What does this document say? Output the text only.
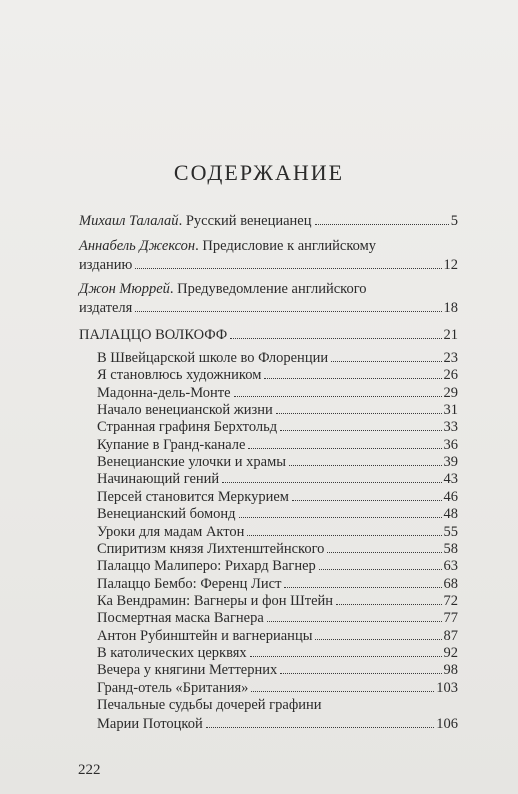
СОДЕРЖАНИЕ
Михаил Талалай . Русский венецианец	5
Аннабель Джексон . Предисловие к английскому
изданию	12
Джон Мюррей . Предуведомление английского
издателя	18
ПАЛАЦЦО ВОЛКОФФ	21
В Швейцарской школе во Флоренции	23
Я становлюсь художником	26
Мадонна-дель-Монте	29
Начало венецианской жизни	31
Странная графиня Берхтольд	33
Купание в Гранд-канале	36
Венецианские улочки и храмы	39
Начинающий гений	43
Персей становится Меркурием	46
Венецианский бомонд	48
Уроки для мадам Актон	55
Спиритизм князя Лихтенштейнского	58
Палаццо Малиперо: Рихард Вагнер	63
Палаццо Бембо: Ференц Лист	68
Ка Вендрамин: Вагнеры и фон Штейн	72
Посмертная маска Вагнера	77
Антон Рубинштейн и вагнерианцы	87
В католических церквях	92
Вечера у княгини Меттерних	98
Гранд-отель «Британия»	103
Печальные судьбы дочерей графини
Марии Потоцкой	106
222
